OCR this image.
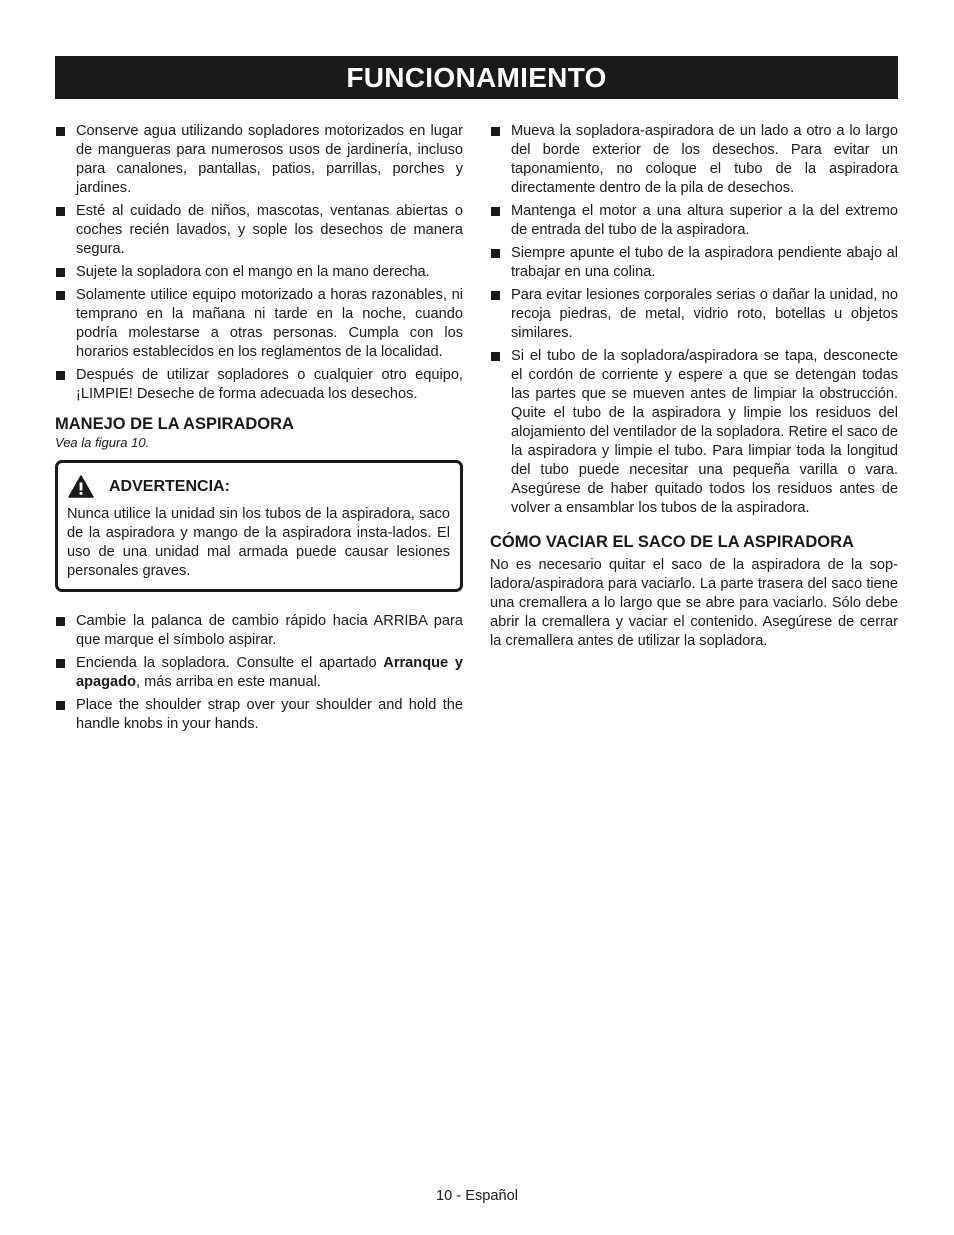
FUNCIONAMIENTO
Conserve agua utilizando sopladores motorizados en lugar de mangueras para numerosos usos de jardinería, incluso para canalones, pantallas, patios, parrillas, porches y jardines.
Esté al cuidado de niños, mascotas, ventanas abiertas o coches recién lavados, y sople los desechos de manera segura.
Sujete la sopladora con el mango en la mano derecha.
Solamente utilice equipo motorizado a horas razonables, ni temprano en la mañana ni tarde en la noche, cuando podría molestarse a otras personas. Cumpla con los horarios establecidos en los reglamentos de la localidad.
Después de utilizar sopladores o cualquier otro equipo, ¡LIMPIE! Deseche de forma adecuada los desechos.
MANEJO DE LA ASPIRADORA
Vea la figura 10.
ADVERTENCIA:
Nunca utilice la unidad sin los tubos de la aspiradora, saco de la aspiradora y mango de la aspiradora insta-lados. El uso de una unidad mal armada puede causar lesiones personales graves.
Cambie la palanca de cambio rápido hacia ARRIBA para que marque el símbolo aspirar.
Encienda la sopladora. Consulte el apartado Arranque y apagado, más arriba en este manual.
Place the shoulder strap over your shoulder and hold the handle knobs in your hands.
Mueva la sopladora-aspiradora de un lado a otro a lo largo del borde exterior de los desechos. Para evitar un taponamiento, no coloque el tubo de la aspiradora directamente dentro de la pila de desechos.
Mantenga el motor a una altura superior a la del extremo de entrada del tubo de la aspiradora.
Siempre apunte el tubo de la aspiradora pendiente abajo al trabajar en una colina.
Para evitar lesiones corporales serias o dañar la unidad, no recoja piedras, de metal, vidrio roto, botellas u objetos similares.
Si el tubo de la sopladora/aspiradora se tapa, desconecte el cordón de corriente y espere a que se detengan todas las partes que se mueven antes de limpiar la obstrucción. Quite el tubo de la aspiradora y limpie los residuos del alojamiento del ventilador de la sopladora. Retire el saco de la aspiradora y limpie el tubo. Para limpiar toda la longitud del tubo puede necesitar una pequeña varilla o vara. Asegúrese de haber quitado todos los residuos antes de volver a ensamblar los tubos de la aspiradora.
CÓMO VACIAR EL SACO DE LA ASPIRADORA
No es necesario quitar el saco de la aspiradora de la sop-ladora/aspiradora para vaciarlo. La parte trasera del saco tiene una cremallera a lo largo que se abre para vaciarlo. Sólo debe abrir la cremallera y vaciar el contenido. Asegúrese de cerrar la cremallera antes de utilizar la sopladora.
10 - Español
